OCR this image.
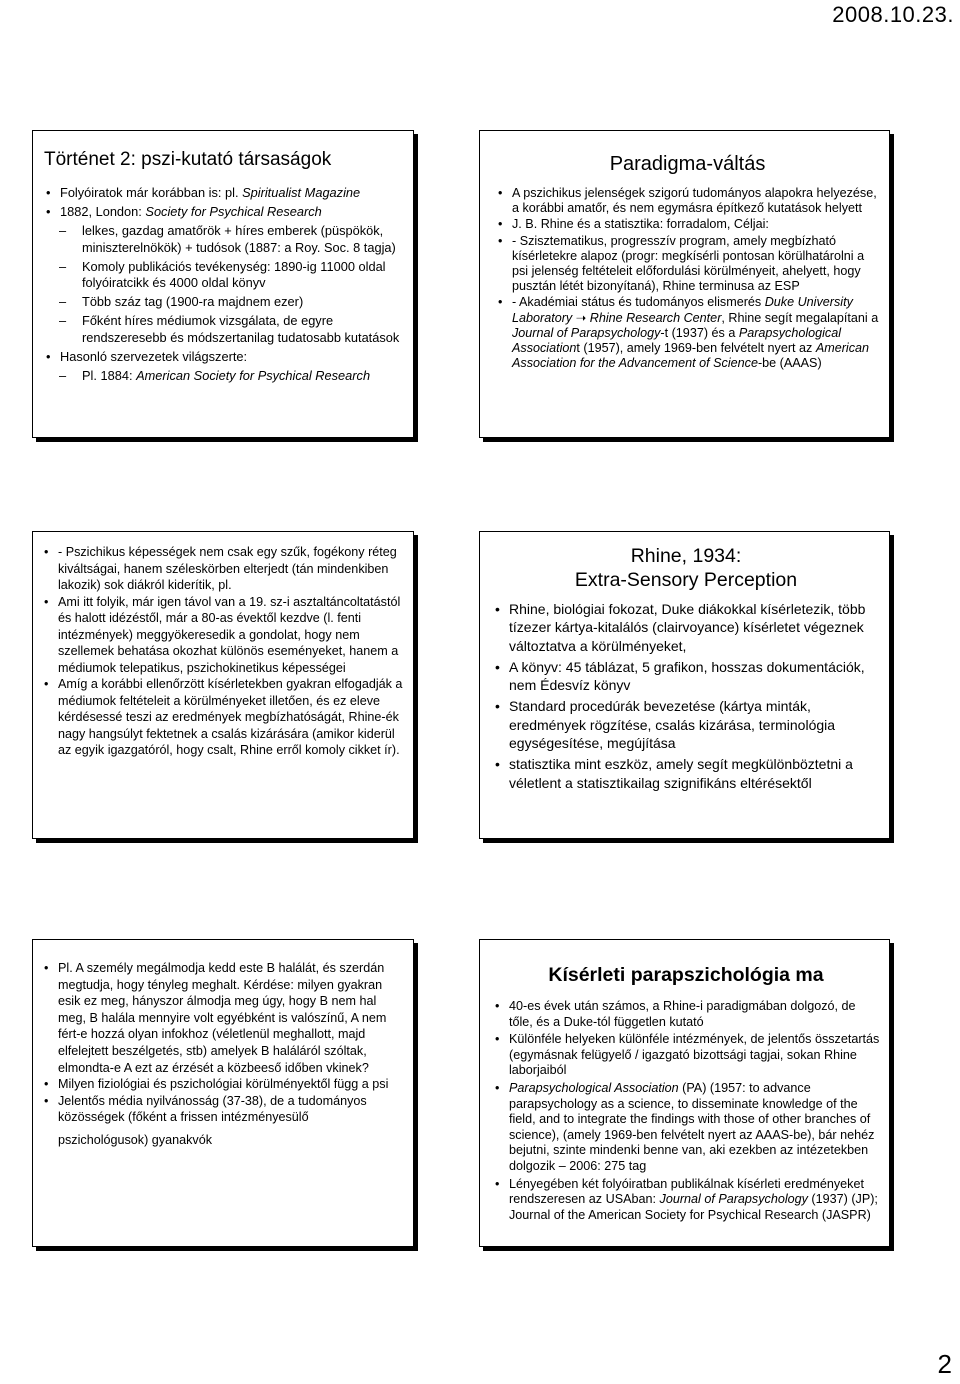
2008.10.23.
Történet 2: pszi-kutató társaságok
• Folyóiratok már korábban is: pl. Spiritualist Magazine
• 1882, London: Society for Psychical Research
– lelkes, gazdag amatőrök + híres emberek (püspökök, miniszterelnökök) + tudósok (1887: a Roy. Soc. 8 tagja)
– Komoly publikációs tevékenység: 1890-ig 11000 oldal folyóiratcikk és 4000 oldal könyv
– Több száz tag (1900-ra majdnem ezer)
– Főként híres médiumok vizsgálata, de egyre rendszeresebb és módszertanilag tudatosabb kutatások
• Hasonló szervezetek világszerte:
– Pl. 1884: American Society for Psychical Research
Paradigma-váltás
• A pszichikus jelenségek szigorú tudományos alapokra helyezése, a korábbi amatőr, és nem egymásra építkező kutatások helyett
• J. B. Rhine és a statisztika: forradalom, Céljai:
• - Szisztematikus, progresszív program, amely megbízható kísérletekre alapoz (progr: megkísérli pontosan körülhatárolni a psi jelenség feltételeit előfordulási körülményeit, ahelyett, hogy pusztán létét bizonyítaná), Rhine terminusa az ESP
• - Akadémiai státus és tudományos elismerés Duke University Laboratory ➝ Rhine Research Center, Rhine segít megalapítani a Journal of Parapsychology-t (1937) és a Parapsychological Associationt (1957), amely 1969-ben felvételt nyert az American Association for the Advancement of Science-be (AAAS)
• - Pszichikus képességek nem csak egy szűk, fogékony réteg kiváltságai, hanem széleskörben elterjedt (tán mindenkiben lakozik) sok diákról kiderítik, pl.
• Ami itt folyik, már igen távol van a 19. sz-i asztaltáncoltatástól és halott idézéstől, már a 80-as évektől kezdve (l. fenti intézmények) meggyökeresedik a gondolat, hogy nem szellemek behatása okozhat különös eseményeket, hanem a médiumok telepatikus, pszichokinetikus képességei
• Amíg a korábbi ellenőrzött kísérletekben gyakran elfogadják a médiumok feltételeit a körülményeket illetően, és ez eleve kérdésessé teszi az eredmények megbízhatóságát, Rhine-ék nagy hangsúlyt fektetnek a csalás kizárására (amikor kiderül az egyik igazgatóról, hogy csalt, Rhine erről komoly cikket ír).
Rhine, 1934:
Extra-Sensory Perception
• Rhine, biológiai fokozat, Duke diákokkal kísérletezik, több tízezer kártya-kitalálós (clairvoyance) kísérletet végeznek változtatva a körülményeket,
• A könyv: 45 táblázat, 5 grafikon, hosszas dokumentációk, nem Édesvíz könyv
• Standard procedúrák bevezetése (kártya minták, eredmények rögzítése, csalás kizárása, terminológia egységesítése, megújítása
• statisztika mint eszköz, amely segít megkülönböztetni a véletlent a statisztikailag szignifikáns eltérésektől
• Pl. A személy megálmodja kedd este B halálát, és szerdán megtudja, hogy tényleg meghalt. Kérdése: milyen gyakran esik ez meg, hányszor álmodja meg úgy, hogy B nem hal meg, B halála mennyire volt egyébként is valószínű, A nem fért-e hozzá olyan infokhoz (véletlenül meghallott, majd elfelejtett beszélgetés, stb) amelyek B haláláról szóltak, elmondta-e A ezt az érzését a közbeeső időben vkinek?
• Milyen fiziológiai és pszichológiai körülményektől függ a psi
• Jelentős média nyilvánosság (37-38), de a tudományos közösségek (főként a frissen intézményesülő
pszichológusok) gyanakvók
Kísérleti parapszichológia ma
• 40-es évek után számos, a Rhine-i paradigmában dolgozó, de tőle, és a Duke-tól független kutató
• Különféle helyeken különféle intézmények, de jelentős összetartás (egymásnak felügyelő / igazgató bizottsági tagjai, sokan Rhine laborjaiból
• Parapsychological Association (PA) (1957: to advance parapsychology as a science, to disseminate knowledge of the field, and to integrate the findings with those of other branches of science), (amely 1969-ben felvételt nyert az AAAS-be), bár nehéz bejutni, szinte mindenki benne van, aki ezekben az intézetekben dolgozik – 2006: 275 tag
• Lényegében két folyóiratban publikálnak kísérleti eredményeket rendszeresen az USAban: Journal of Parapsychology (1937) (JP); Journal of the American Society for Psychical Research (JASPR)
2
